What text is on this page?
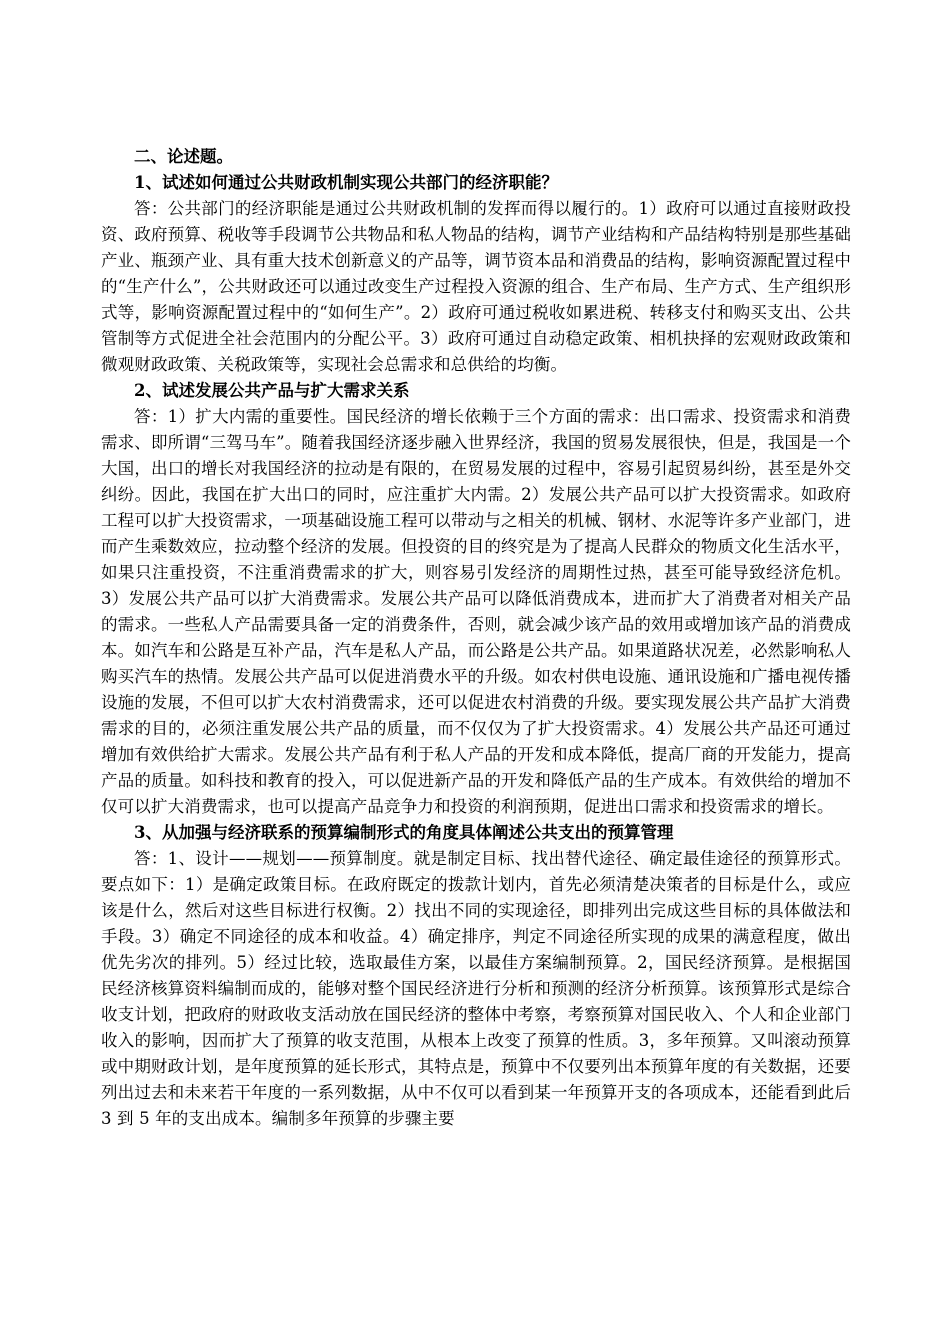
二、论述题。

1、试述如何通过公共财政机制实现公共部门的经济职能？

答：公共部门的经济职能是通过公共财政机制的发挥而得以履行的。1）政府可以通过直接财政投资、政府预算、税收等手段调节公共物品和私人物品的结构，调节产业结构和产品结构特别是那些基础产业、瓶颈产业、具有重大技术创新意义的产品等，调节资本品和消费品的结构，影响资源配置过程中的“生产什么”，公共财政还可以通过改变生产过程投入资源的组合、生产布局、生产方式、生产组织形式等，影响资源配置过程中的“如何生产”。2）政府可通过税收如累进税、转移支付和购买支出、公共管制等方式促进全社会范围内的分配公平。3）政府可通过自动稳定政策、相机抉择的宏观财政政策和微观财政政策、关税政策等，实现社会总需求和总供给的均衡。

2、试述发展公共产品与扩大需求关系

答：1）扩大内需的重要性。国民经济的增长依赖于三个方面的需求：出口需求、投资需求和消费需求、即所谓“三驾马车”。随着我国经济逐步融入世界经济，我国的贸易发展很快，但是，我国是一个大国，出口的增长对我国经济的拉动是有限的，在贸易发展的过程中，容易引起贸易纠纷，甚至是外交纠纷。因此，我国在扩大出口的同时，应注重扩大内需。2）发展公共产品可以扩大投资需求。如政府工程可以扩大投资需求，一项基础设施工程可以带动与之相关的机械、钢材、水泥等许多产业部门，进而产生乘数效应，拉动整个经济的发展。但投资的目的终究是为了提高人民群众的物质文化生活水平，如果只注重投资，不注重消费需求的扩大，则容易引发经济的周期性过热，甚至可能导致经济危机。3）发展公共产品可以扩大消费需求。发展公共产品可以降低消费成本，进而扩大了消费者对相关产品的需求。一些私人产品需要具备一定的消费条件，否则，就会减少该产品的效用或增加该产品的消费成本。如汽车和公路是互补产品，汽车是私人产品，而公路是公共产品。如果道路状况差，必然影响私人购买汽车的热情。发展公共产品可以促进消费水平的升级。如农村供电设施、通讯设施和广播电视传播设施的发展，不但可以扩大农村消费需求，还可以促进农村消费的升级。要实现发展公共产品扩大消费需求的目的，必须注重发展公共产品的质量，而不仅仅为了扩大投资需求。4）发展公共产品还可通过增加有效供给扩大需求。发展公共产品有利于私人产品的开发和成本降低，提高厂商的开发能力，提高产品的质量。如科技和教育的投入，可以促进新产品的开发和降低产品的生产成本。有效供给的增加不仅可以扩大消费需求，也可以提高产品竞争力和投资的利润预期，促进出口需求和投资需求的增长。

3、从加强与经济联系的预算编制形式的角度具体阐述公共支出的预算管理

答：1、设计——规划——预算制度。就是制定目标、找出替代途径、确定最佳途径的预算形式。要点如下：1）是确定政策目标。在政府既定的拨款计划内，首先必须清楚决策者的目标是什么，或应该是什么，然后对这些目标进行权衡。2）找出不同的实现途径，即排列出完成这些目标的具体做法和手段。3）确定不同途径的成本和收益。4）确定排序，判定不同途径所实现的成果的满意程度，做出优先劣次的排列。5）经过比较，选取最佳方案，以最佳方案编制预算。2，国民经济预算。是根据国民经济核算资料编制而成的，能够对整个国民经济进行分析和预测的经济分析预算。该预算形式是综合收支计划，把政府的财政收支活动放在国民经济的整体中考察，考察预算对国民收入、个人和企业部门收入的影响，因而扩大了预算的收支范围，从根本上改变了预算的性质。3，多年预算。又叫滚动预算或中期财政计划，是年度预算的延长形式，其特点是，预算中不仅要列出本预算年度的有关数据，还要列出过去和未来若干年度的一系列数据，从中不仅可以看到某一年预算开支的各项成本，还能看到此后 3 到 5 年的支出成本。编制多年预算的步骤主要
